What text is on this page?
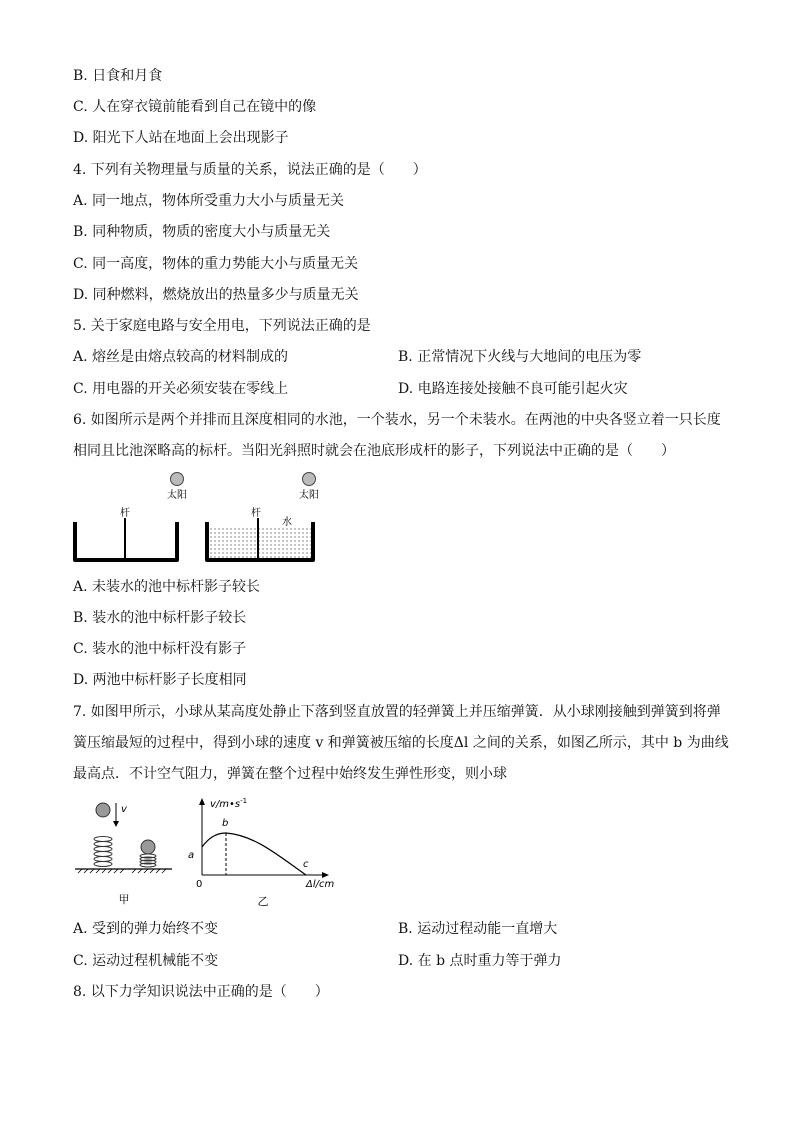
B. 日食和月食
C. 人在穿衣镜前能看到自己在镜中的像
D. 阳光下人站在地面上会出现影子
4. 下列有关物理量与质量的关系，说法正确的是（　　）
A. 同一地点，物体所受重力大小与质量无关
B. 同种物质，物质的密度大小与质量无关
C. 同一高度，物体的重力势能大小与质量无关
D. 同种燃料，燃烧放出的热量多少与质量无关
5. 关于家庭电路与安全用电，下列说法正确的是
A. 熔丝是由熔点较高的材料制成的	B. 正常情况下火线与大地间的电压为零
C. 用电器的开关必须安装在零线上	D. 电路连接处接触不良可能引起火灾
6. 如图所示是两个并排而且深度相同的水池，一个装水，另一个未装水。在两池的中央各竖立着一只长度
相同且比池深略高的标杆。当阳光斜照时就会在池底形成杆的影子，下列说法中正确的是（　　）
太阳	太阳
杆	杆
水
A. 未装水的池中标杆影子较长
B. 装水的池中标杆影子较长
C. 装水的池中标杆没有影子
D. 两池中标杆影子长度相同
7. 如图甲所示，小球从某高度处静止下落到竖直放置的轻弹簧上并压缩弹簧．从小球刚接触到弹簧到将弹
簧压缩最短的过程中，得到小球的速度 v 和弹簧被压缩的长度Δl 之间的关系，如图乙所示，其中 b 为曲线
最高点．不计空气阻力，弹簧在整个过程中始终发生弹性形变，则小球
v
甲
$v/m•s^{-1}$
Δl/cm
0
a
b
c
乙
A. 受到的弹力始终不变	B. 运动过程动能一直增大
C. 运动过程机械能不变	D. 在 b 点时重力等于弹力
8. 以下力学知识说法中正确的是（　　）
